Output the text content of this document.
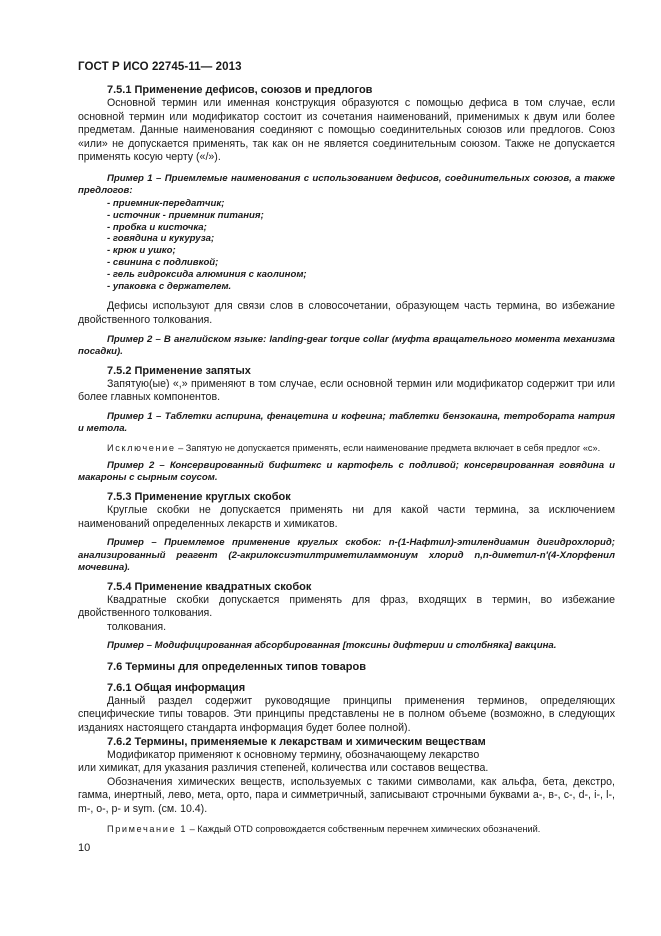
ГОСТ Р ИСО 22745-11— 2013

7.5.1 Применение дефисов, союзов и предлогов

Основной термин или именная конструкция образуются с помощью дефиса в том случае, если основной термин или модификатор состоит из сочетания наименований, применимых к двум или более предметам. Данные наименования соединяют с помощью соединительных союзов или предлогов. Союз «или» не допускается применять, так как он не является соединительным союзом. Также не допускается применять косую черту («/»).

Пример 1 – Приемлемые наименования с использованием дефисов, соединительных союзов, а также предлогов:

- приемник-передатчик;
- источник - приемник питания;
- пробка и кисточка;
- говядина и кукуруза;
- крюк и ушко;
- свинина с подливкой;
- гель гидроксида алюминия с каолином;
- упаковка с держателем.

Дефисы используют для связи слов в словосочетании, образующем часть термина, во избежание двойственного толкования.

Пример 2 – В английском языке: landing-gear torque collar (муфта вращательного момента механизма посадки).

7.5.2 Применение запятых

Запятую(ые) «,» применяют в том случае, если основной термин или модификатор содержит три или более главных компонентов.

Пример 1 – Таблетки аспирина, фенацетина и кофеина; таблетки бензокаина, тетробората натрия и метола.

Исключение – Запятую не допускается применять, если наименование предмета включает в себя предлог «с».

Пример 2 – Консервированный бифштекс и картофель с подливой; консервированная говядина и макароны с сырным соусом.

7.5.3 Применение круглых скобок

Круглые скобки не допускается применять ни для какой части термина, за исключением наименований определенных лекарств и химикатов.

Пример – Приемлемое применение круглых скобок: n-(1-Нафтил)-этилендиамин дигидрохлорид; анализированный реагент (2-акрилоксиэтилтриметиламмониум хлорид n,n-диметил-n'(4-Хлорфенил мочевина).

7.5.4 Применение квадратных скобок

Квадратные скобки допускается применять для фраз, входящих в термин, во избежание двойственного толкования.

толкования.

Пример – Модифицированная абсорбированная [токсины дифтерии и столбняка] вакцина.

7.6 Термины для определенных типов товаров

7.6.1 Общая информация

Данный раздел содержит руководящие принципы применения терминов, определяющих специфические типы товаров. Эти принципы представлены не в полном объеме (возможно, в следующих изданиях настоящего стандарта информация будет более полной).

7.6.2 Термины, применяемые к лекарствам и химическим веществам

Модификатор применяют к основному термину, обозначающему лекарство

или химикат, для указания различия степеней, количества или составов вещества.

Обозначения химических веществ, используемых с такими символами, как альфа, бета, декстро, гамма, инертный, лево, мета, орто, пара и симметричный, записывают строчными буквами а-, в-, с-, d-, i-, l-, m-, o-, p- и sym. (см. 10.4).

Примечание 1 – Каждый OTD сопровождается собственным перечнем химических обозначений.

10
